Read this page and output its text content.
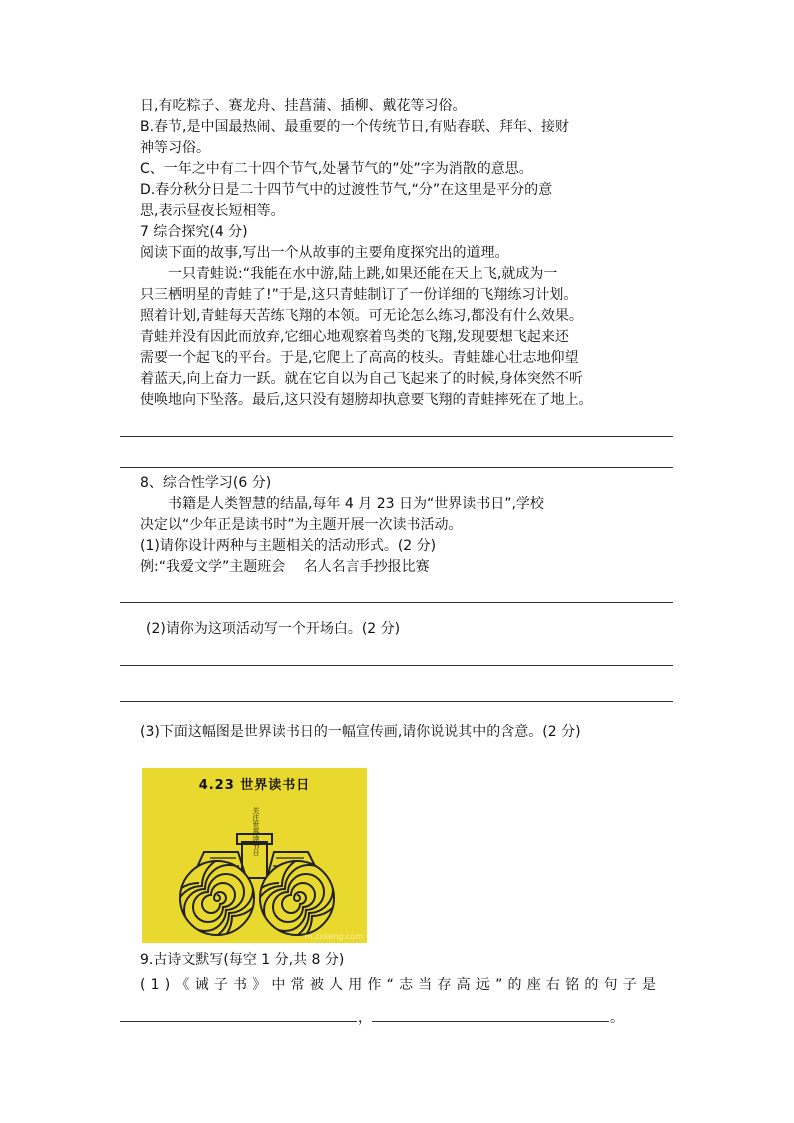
日,有吃粽子、赛龙舟、挂菖蒲、插柳、戴花等习俗。
B.春节,是中国最热闹、最重要的一个传统节日,有贴春联、拜年、接财
神等习俗。
C、一年之中有二十四个节气,处暑节气的”处”字为消散的意思。
D.春分秋分日是二十四节气中的过渡性节气,“分”在这里是平分的意
思,表示昼夜长短相等。
7 综合探究(4 分)
阅读下面的故事,写出一个从故事的主要角度探究出的道理。
　　一只青蛙说:“我能在水中游,陆上跳,如果还能在天上飞,就成为一
只三栖明星的青蛙了!”于是,这只青蛙制订了一份详细的飞翔练习计划。
照着计划,青蛙每天苦练飞翔的本领。可无论怎么练习,都没有什么效果。
青蛙并没有因此而放弃,它细心地观察着鸟类的飞翔,发现要想飞起来还
需要一个起飞的平台。于是,它爬上了高高的枝头。青蛙雄心壮志地仰望
着蓝天,向上奋力一跃。就在它自以为自己飞起来了的时候,身体突然不听
使唤地向下坠落。最后,这只没有翅膀却执意要飞翔的青蛙摔死在了地上。
8、综合性学习(6 分)
　　书籍是人类智慧的结晶,每年 4 月 23 日为“世界读书日”,学校
决定以“少年正是读书时”为主题开展一次读书活动。
(1)请你设计两种与主题相关的活动形式。(2 分)
例:“我爱文学”主题班会　 名人名言手抄报比赛
(2)请你为这项活动写一个开场白。(2 分)
(3)下面这幅图是世界读书日的一幅宣传画,请你说说其中的含意。(2 分)
4.23 世界读书日
关注世界读书日
m.zxkeng.com
9.古诗文默写(每空 1 分,共 8 分)
(1)《诫子书》中常被人用作“志当存高远”的座右铭的句子是
，	。
